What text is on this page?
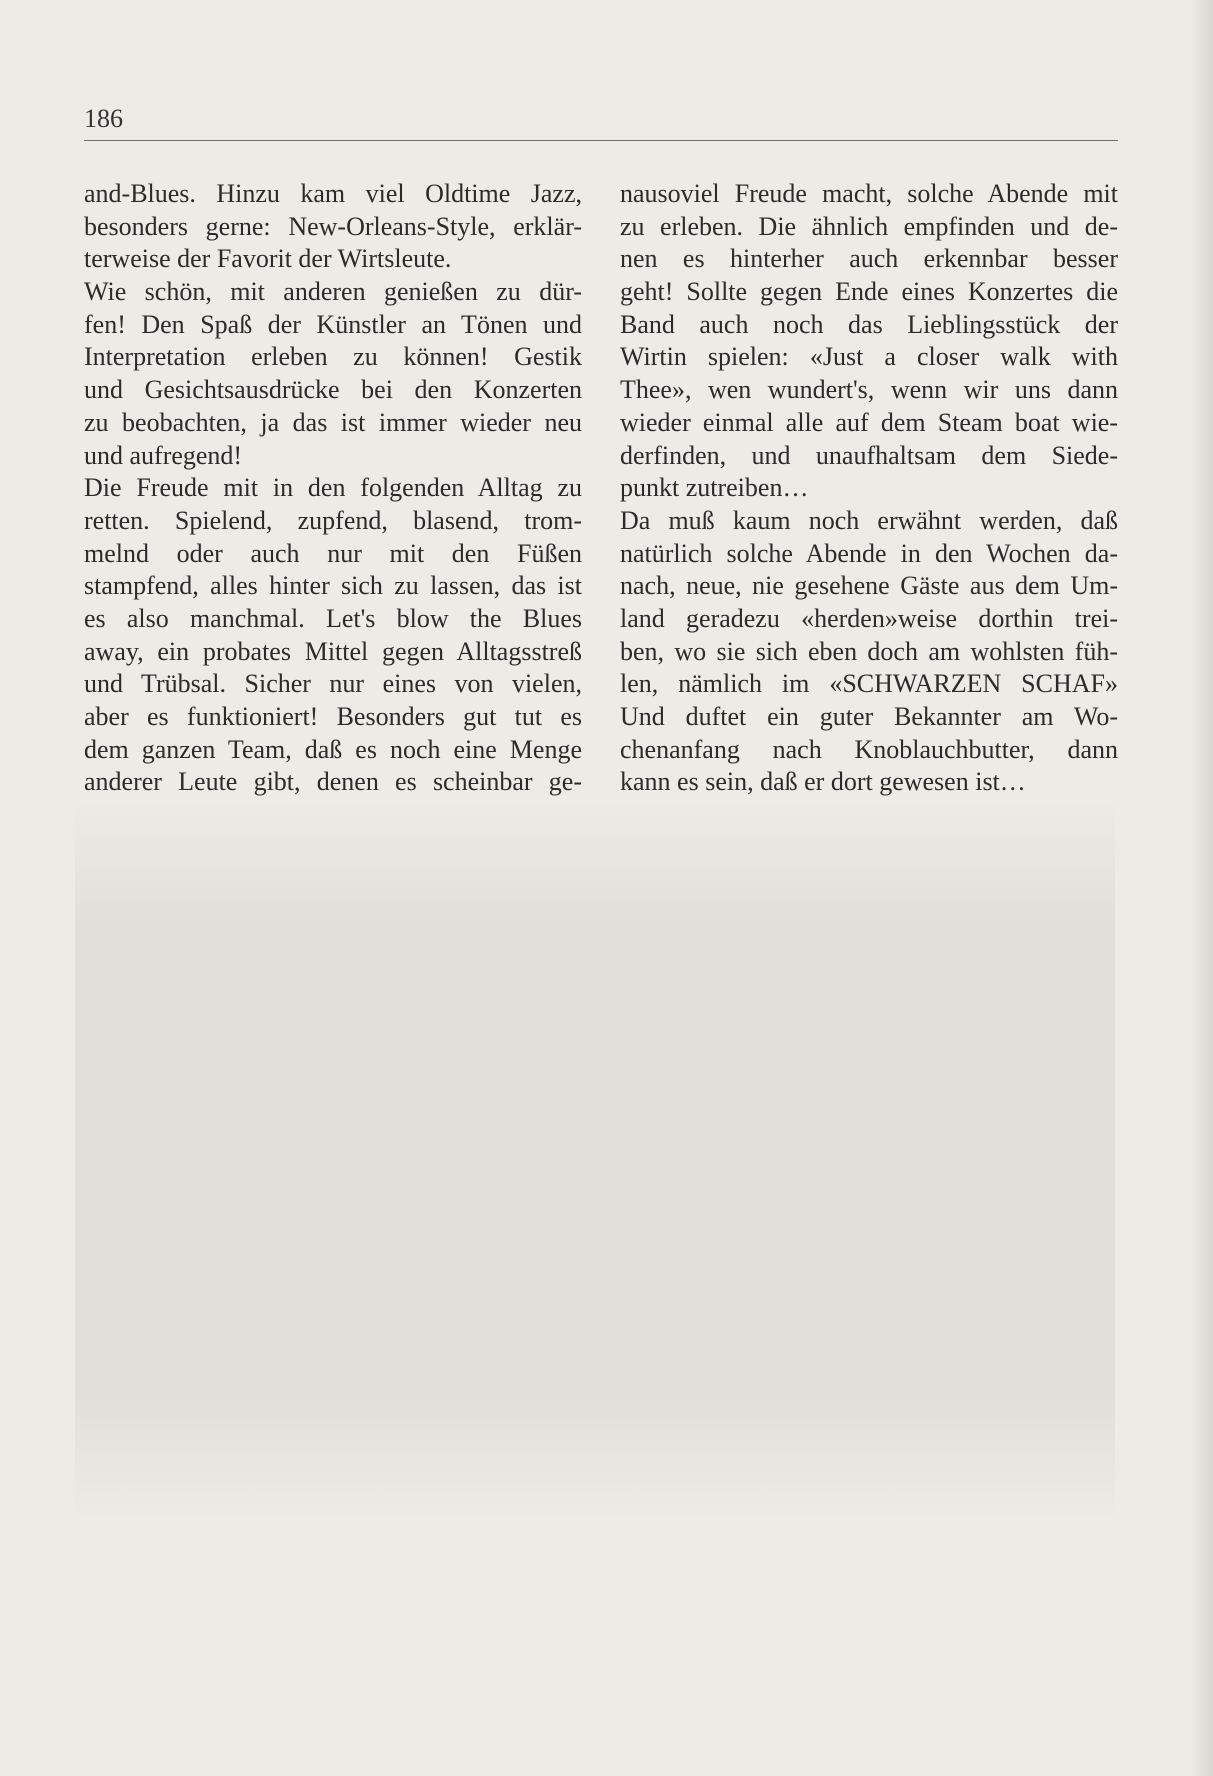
186
and-Blues. Hinzu kam viel Oldtime Jazz,
besonders gerne: New-Orleans-Style, erklär-
terweise der Favorit der Wirtsleute.
Wie schön, mit anderen genießen zu dür-
fen! Den Spaß der Künstler an Tönen und
Interpretation erleben zu können! Gestik
und Gesichtsausdrücke bei den Konzerten
zu beobachten, ja das ist immer wieder neu
und aufregend!
Die Freude mit in den folgenden Alltag zu
retten. Spielend, zupfend, blasend, trom-
melnd oder auch nur mit den Füßen
stampfend, alles hinter sich zu lassen, das ist
es also manchmal. Let's blow the Blues
away, ein probates Mittel gegen Alltagsstreß
und Trübsal. Sicher nur eines von vielen,
aber es funktioniert! Besonders gut tut es
dem ganzen Team, daß es noch eine Menge
anderer Leute gibt, denen es scheinbar ge-
nausoviel Freude macht, solche Abende mit
zu erleben. Die ähnlich empfinden und de-
nen es hinterher auch erkennbar besser
geht! Sollte gegen Ende eines Konzertes die
Band auch noch das Lieblingsstück der
Wirtin spielen: «Just a closer walk with
Thee», wen wundert's, wenn wir uns dann
wieder einmal alle auf dem Steam boat wie-
derfinden, und unaufhaltsam dem Siede-
punkt zutreiben…
Da muß kaum noch erwähnt werden, daß
natürlich solche Abende in den Wochen da-
nach, neue, nie gesehene Gäste aus dem Um-
land geradezu «herden»weise dorthin trei-
ben, wo sie sich eben doch am wohlsten füh-
len, nämlich im «SCHWARZEN SCHAF»
Und duftet ein guter Bekannter am Wo-
chenanfang nach Knoblauchbutter, dann
kann es sein, daß er dort gewesen ist…
